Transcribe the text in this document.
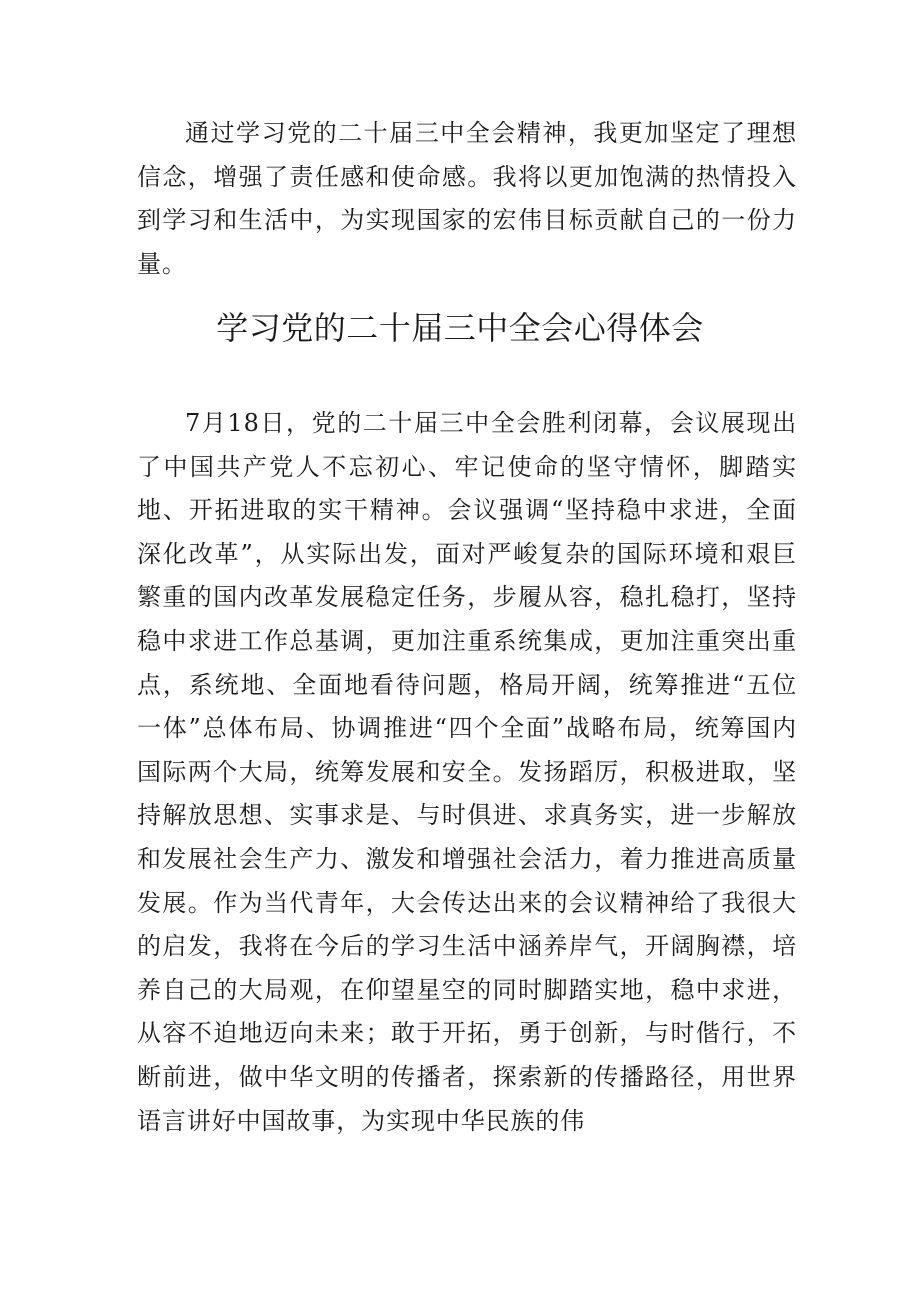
通过学习党的二十届三中全会精神，我更加坚定了理想信念，增强了责任感和使命感。我将以更加饱满的热情投入到学习和生活中，为实现国家的宏伟目标贡献自己的一份力量。

学习党的二十届三中全会心得体会

7月18日，党的二十届三中全会胜利闭幕，会议展现出了中国共产党人不忘初心、牢记使命的坚守情怀，脚踏实地、开拓进取的实干精神。会议强调“坚持稳中求进，全面深化改革”，从实际出发，面对严峻复杂的国际环境和艰巨繁重的国内改革发展稳定任务，步履从容，稳扎稳打，坚持稳中求进工作总基调，更加注重系统集成，更加注重突出重点，系统地、全面地看待问题，格局开阔，统筹推进“五位一体”总体布局、协调推进“四个全面”战略布局，统筹国内国际两个大局，统筹发展和安全。发扬蹈厉，积极进取，坚持解放思想、实事求是、与时俱进、求真务实，进一步解放和发展社会生产力、激发和增强社会活力，着力推进高质量发展。作为当代青年，大会传达出来的会议精神给了我很大的启发，我将在今后的学习生活中涵养岸气，开阔胸襟，培养自己的大局观，在仰望星空的同时脚踏实地，稳中求进，从容不迫地迈向未来；敢于开拓，勇于创新，与时偕行，不断前进，做中华文明的传播者，探索新的传播路径，用世界语言讲好中国故事，为实现中华民族的伟
